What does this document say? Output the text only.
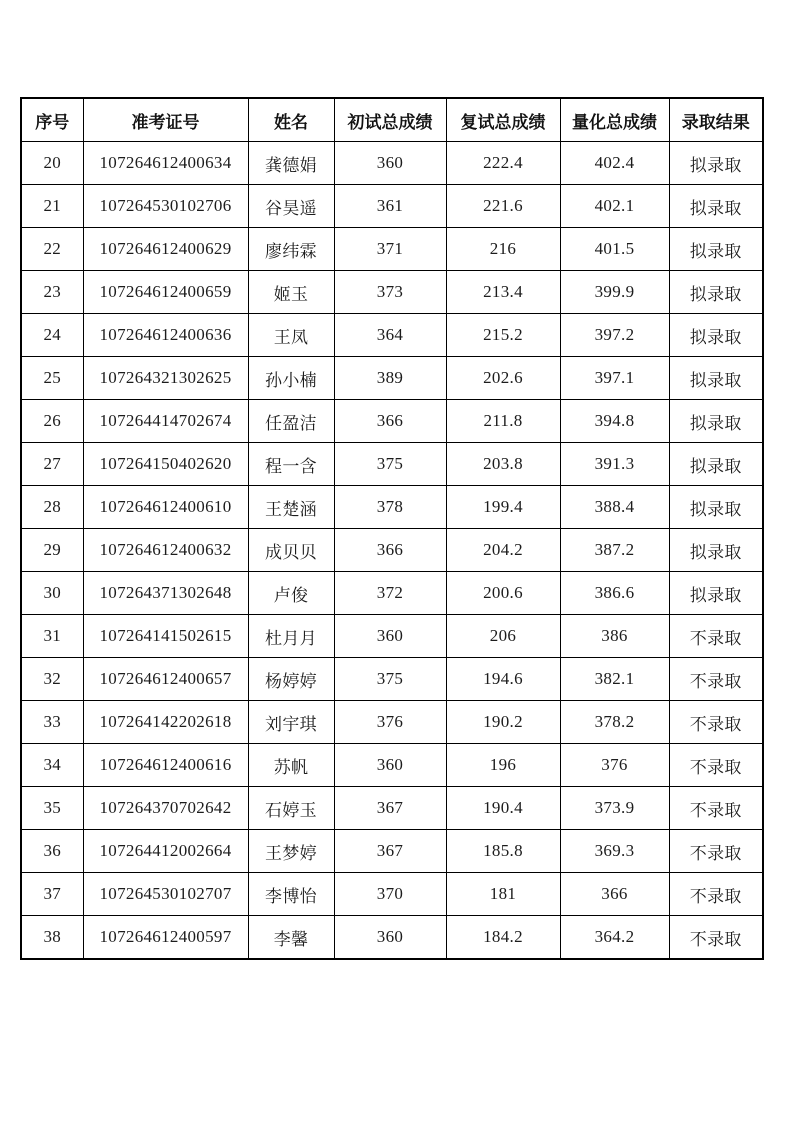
序号	准考证号	姓名	初试总成绩	复试总成绩	量化总成绩	录取结果
20	107264612400634	龚德娟	360	222.4	402.4	拟录取
21	107264530102706	谷昊遥	361	221.6	402.1	拟录取
22	107264612400629	廖纬霖	371	216	401.5	拟录取
23	107264612400659	姬玉	373	213.4	399.9	拟录取
24	107264612400636	王凤	364	215.2	397.2	拟录取
25	107264321302625	孙小楠	389	202.6	397.1	拟录取
26	107264414702674	任盈洁	366	211.8	394.8	拟录取
27	107264150402620	程一含	375	203.8	391.3	拟录取
28	107264612400610	王楚涵	378	199.4	388.4	拟录取
29	107264612400632	成贝贝	366	204.2	387.2	拟录取
30	107264371302648	卢俊	372	200.6	386.6	拟录取
31	107264141502615	杜月月	360	206	386	不录取
32	107264612400657	杨婷婷	375	194.6	382.1	不录取
33	107264142202618	刘宇琪	376	190.2	378.2	不录取
34	107264612400616	苏帆	360	196	376	不录取
35	107264370702642	石婷玉	367	190.4	373.9	不录取
36	107264412002664	王梦婷	367	185.8	369.3	不录取
37	107264530102707	李博怡	370	181	366	不录取
38	107264612400597	李馨	360	184.2	364.2	不录取
